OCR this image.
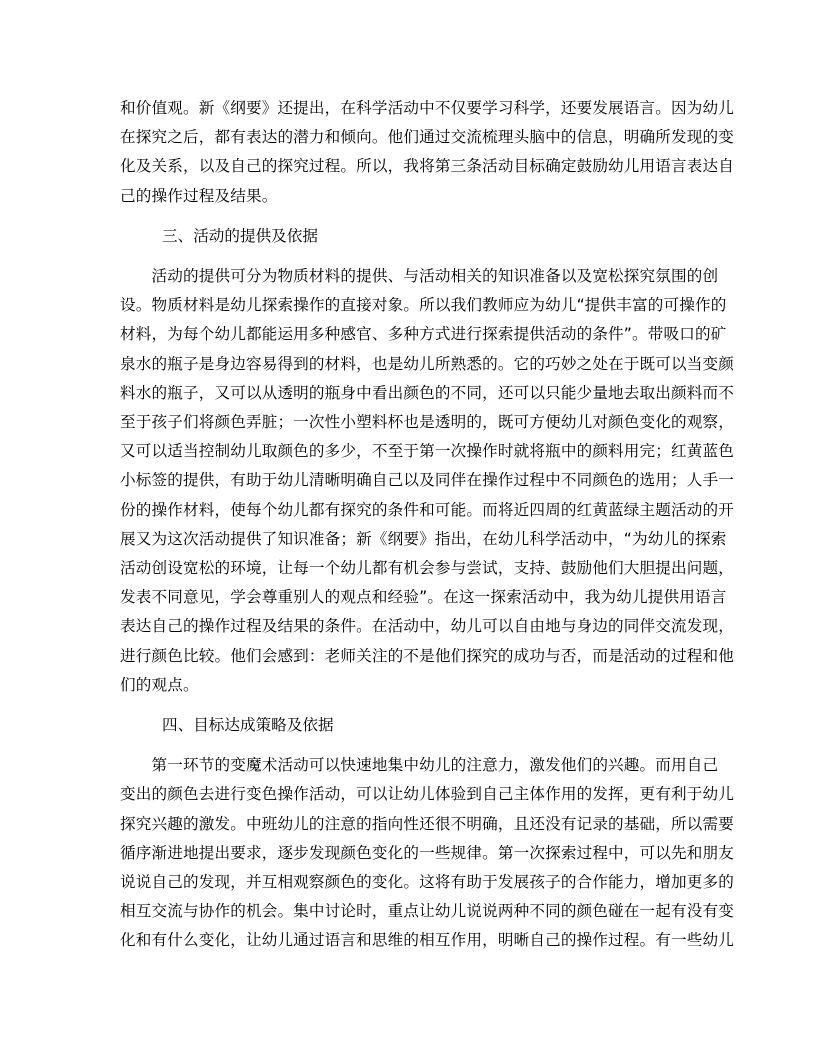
和价值观。新《纲要》还提出，在科学活动中不仅要学习科学，还要发展语言。因为幼儿
在探究之后，都有表达的潜力和倾向。他们通过交流梳理头脑中的信息，明确所发现的变
化及关系，以及自己的探究过程。所以，我将第三条活动目标确定鼓励幼儿用语言表达自
己的操作过程及结果。

三、活动的提供及依据

　　活动的提供可分为物质材料的提供、与活动相关的知识准备以及宽松探究氛围的创
设。物质材料是幼儿探索操作的直接对象。所以我们教师应为幼儿“提供丰富的可操作的
材料，为每个幼儿都能运用多种感官、多种方式进行探索提供活动的条件”。带吸口的矿
泉水的瓶子是身边容易得到的材料，也是幼儿所熟悉的。它的巧妙之处在于既可以当变颜
料水的瓶子，又可以从透明的瓶身中看出颜色的不同，还可以只能少量地去取出颜料而不
至于孩子们将颜色弄脏；一次性小塑料杯也是透明的，既可方便幼儿对颜色变化的观察，
又可以适当控制幼儿取颜色的多少，不至于第一次操作时就将瓶中的颜料用完；红黄蓝色
小标签的提供，有助于幼儿清晰明确自己以及同伴在操作过程中不同颜色的选用；人手一
份的操作材料，使每个幼儿都有探究的条件和可能。而将近四周的红黄蓝绿主题活动的开
展又为这次活动提供了知识准备；新《纲要》指出，在幼儿科学活动中，“为幼儿的探索
活动创设宽松的环境，让每一个幼儿都有机会参与尝试，支持、鼓励他们大胆提出问题，
发表不同意见，学会尊重别人的观点和经验”。在这一探索活动中，我为幼儿提供用语言
表达自己的操作过程及结果的条件。在活动中，幼儿可以自由地与身边的同伴交流发现，
进行颜色比较。他们会感到：老师关注的不是他们探究的成功与否，而是活动的过程和他
们的观点。

四、目标达成策略及依据

　　第一环节的变魔术活动可以快速地集中幼儿的注意力，激发他们的兴趣。而用自己
变出的颜色去进行变色操作活动，可以让幼儿体验到自己主体作用的发挥，更有利于幼儿
探究兴趣的激发。中班幼儿的注意的指向性还很不明确，且还没有记录的基础，所以需要
循序渐进地提出要求，逐步发现颜色变化的一些规律。第一次探索过程中，可以先和朋友
说说自己的发现，并互相观察颜色的变化。这将有助于发展孩子的合作能力，增加更多的
相互交流与协作的机会。集中讨论时，重点让幼儿说说两种不同的颜色碰在一起有没有变
化和有什么变化，让幼儿通过语言和思维的相互作用，明晰自己的操作过程。有一些幼儿
